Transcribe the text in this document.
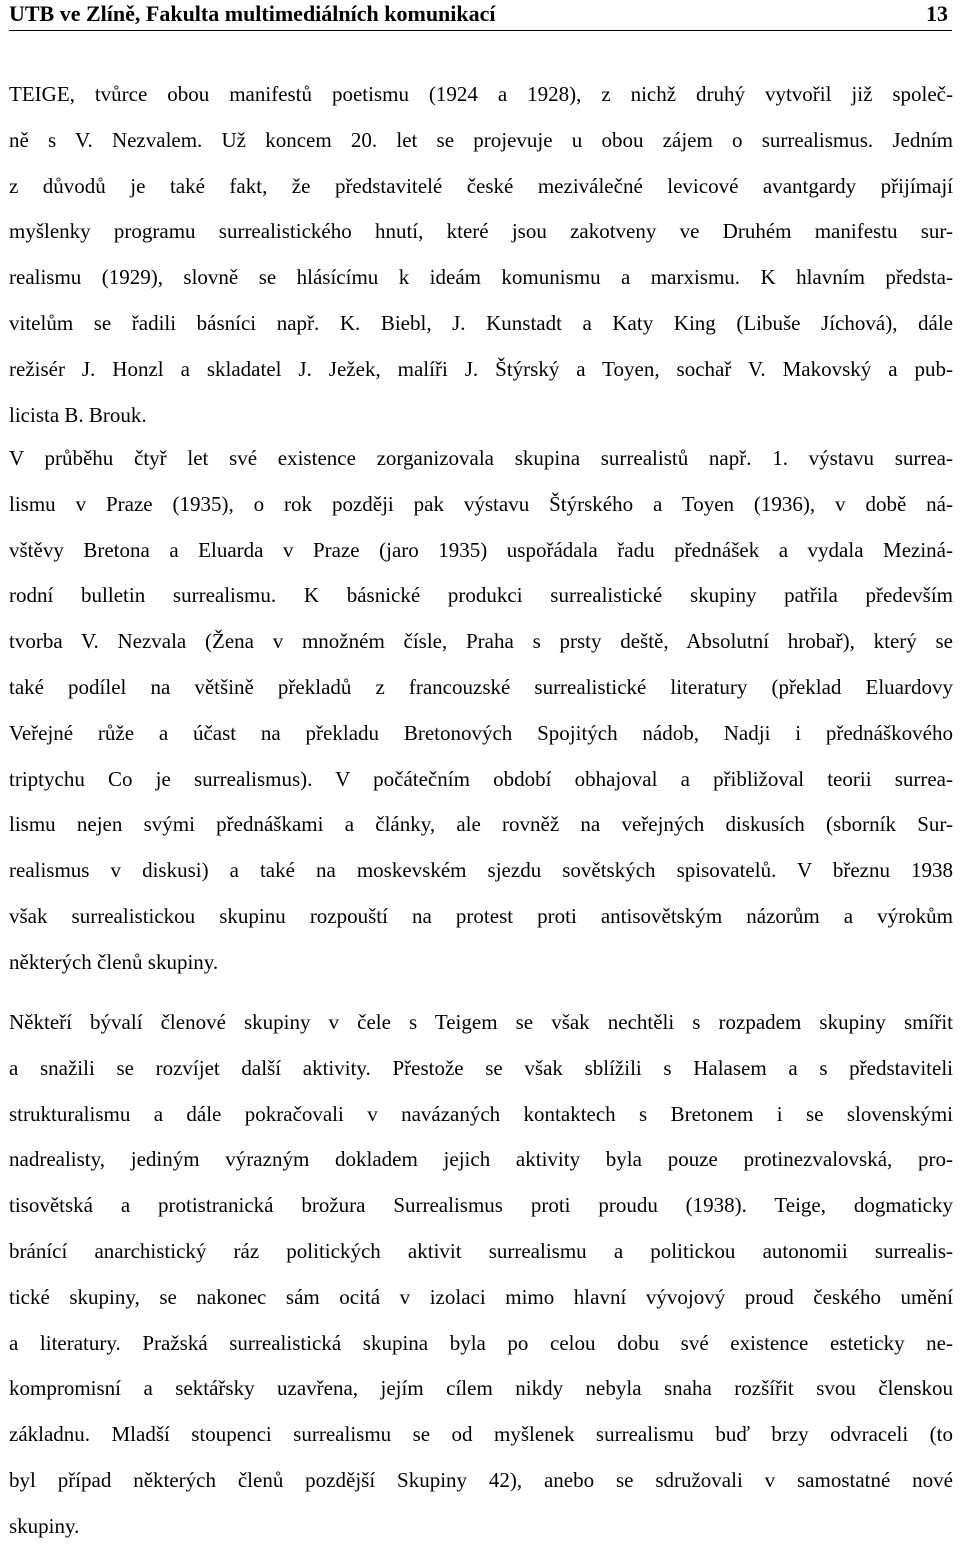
UTB ve Zlíně, Fakulta multimediálních komunikací	13
TEIGE, tvůrce obou manifestů poetismu (1924 a 1928), z nichž druhý vytvořil již společ-
ně s V. Nezvalem. Už koncem 20. let se projevuje u obou zájem o surrealismus. Jedním
z důvodů je také fakt, že představitelé české meziválečné levicové avantgardy přijímají
myšlenky programu surrealistického hnutí, které jsou zakotveny ve Druhém manifestu sur-
realismu (1929), slovně se hlásícímu k ideám komunismu a marxismu. K hlavním předsta-
vitelům se řadili básníci např. K. Biebl, J. Kunstadt a Katy King (Libuše Jíchová), dále
režisér J. Honzl a skladatel J. Ježek, malíři J. Štýrský a Toyen, sochař V. Makovský a pub-
licista B. Brouk.
V průběhu čtyř let své existence zorganizovala skupina surrealistů např. 1. výstavu surrea-
lismu v Praze (1935), o rok později pak výstavu Štýrského a Toyen (1936), v době ná-
vštěvy Bretona a Eluarda v Praze (jaro 1935) uspořádala řadu přednášek a vydala Meziná-
rodní bulletin surrealismu. K básnické produkci surrealistické skupiny patřila především
tvorba V. Nezvala (Žena v množném čísle, Praha s prsty deště, Absolutní hrobař), který se
také podílel na většině překladů z francouzské surrealistické literatury (překlad Eluardovy
Veřejné růže a účast na překladu Bretonových Spojitých nádob, Nadji i přednáškového
triptychu Co je surrealismus). V počátečním období obhajoval a přibližoval teorii surrea-
lismu nejen svými přednáškami a články, ale rovněž na veřejných diskusích (sborník Sur-
realismus v diskusi) a také na moskevském sjezdu sovětských spisovatelů. V březnu 1938
však surrealistickou skupinu rozpouští na protest proti antisovětským názorům a výrokům
některých členů skupiny.
Někteří bývalí členové skupiny v čele s Teigem se však nechtěli s rozpadem skupiny smířit
a snažili se rozvíjet další aktivity. Přestože se však sblížili s Halasem a s představiteli
strukturalismu a dále pokračovali v navázaných kontaktech s Bretonem i se slovenskými
nadrealisty, jediným výrazným dokladem jejich aktivity byla pouze protinezvalovská, pro-
tisovětská a protistranická brožura Surrealismus proti proudu (1938). Teige, dogmaticky
bránící anarchistický ráz politických aktivit surrealismu a politickou autonomii surrealis-
tické skupiny, se nakonec sám ocitá v izolaci mimo hlavní vývojový proud českého umění
a literatury. Pražská surrealistická skupina byla po celou dobu své existence esteticky ne-
kompromisní a sektářsky uzavřena, jejím cílem nikdy nebyla snaha rozšířit svou členskou
základnu. Mladší stoupenci surrealismu se od myšlenek surrealismu buď brzy odvraceli (to
byl případ některých členů pozdější Skupiny 42), anebo se sdružovali v samostatné nové
skupiny.
